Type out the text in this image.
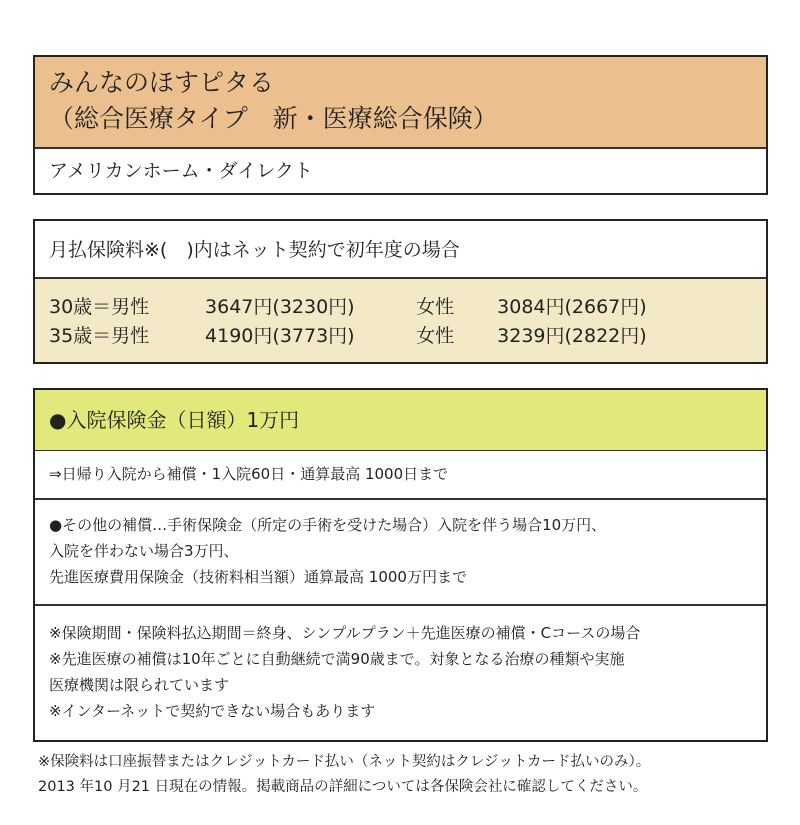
みんなのほすピタる
（総合医療タイプ　新・医療総合保険）
アメリカンホーム・ダイレクト
月払保険料※(　)内はネット契約で初年度の場合
30歳＝男性	3647円(3230円)	女性 3084円(2667円)
35歳＝男性	4190円(3773円)	女性 3239円(2822円)
●入院保険金（日額）1万円
⇒日帰り入院から補償・1入院60日・通算最高 1000日まで
●その他の補償…手術保険金（所定の手術を受けた場合）入院を伴う場合10万円、
入院を伴わない場合3万円、
先進医療費用保険金（技術料相当額）通算最高 1000万円まで
※保険期間・保険料払込期間＝終身、シンプルプラン＋先進医療の補償・Cコースの場合
※先進医療の補償は10年ごとに自動継続で満90歳まで。対象となる治療の種類や実施
医療機関は限られています
※インターネットで契約できない場合もあります
※保険料は口座振替またはクレジットカード払い（ネット契約はクレジットカード払いのみ）。
2013 年10 月21 日現在の情報。掲載商品の詳細については各保険会社に確認してください。
